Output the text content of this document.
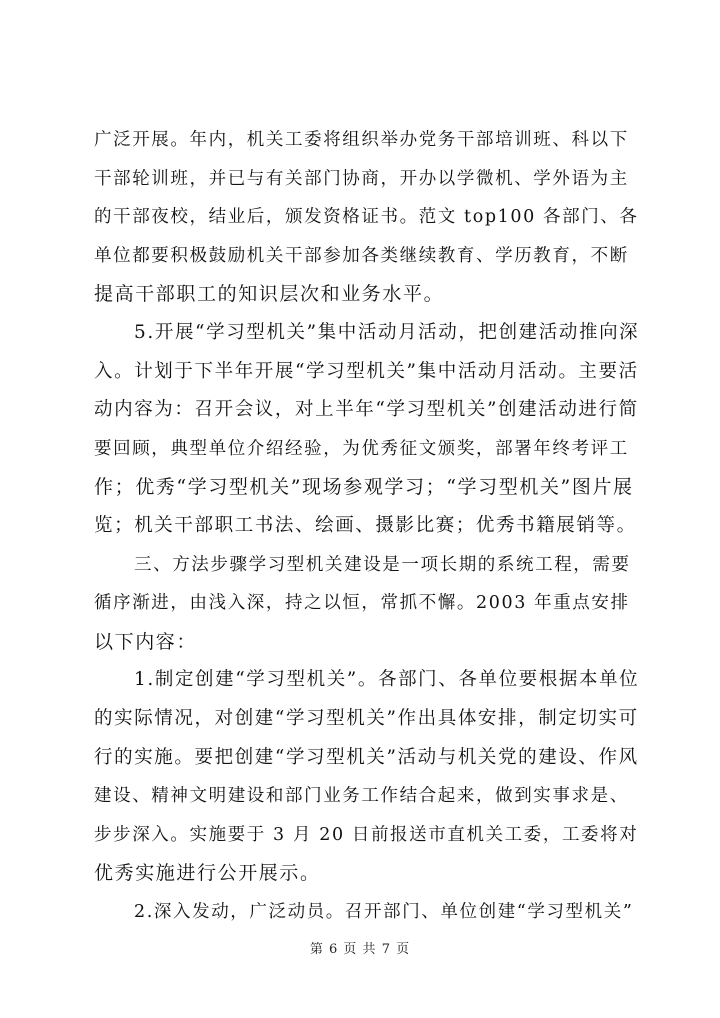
广泛开展。年内，机关工委将组织举办党务干部培训班、科以下
干部轮训班，并已与有关部门协商，开办以学微机、学外语为主
的干部夜校，结业后，颁发资格证书。范文 top100 各部门、各
单位都要积极鼓励机关干部参加各类继续教育、学历教育，不断
提高干部职工的知识层次和业务水平。
5.开展“学习型机关”集中活动月活动，把创建活动推向深
入。计划于下半年开展“学习型机关”集中活动月活动。主要活
动内容为：召开会议，对上半年“学习型机关”创建活动进行简
要回顾，典型单位介绍经验，为优秀征文颁奖，部署年终考评工
作；优秀“学习型机关”现场参观学习；“学习型机关”图片展
览；机关干部职工书法、绘画、摄影比赛；优秀书籍展销等。
三、方法步骤学习型机关建设是一项长期的系统工程，需要
循序渐进，由浅入深，持之以恒，常抓不懈。2003 年重点安排
以下内容：
1.制定创建“学习型机关”。各部门、各单位要根据本单位
的实际情况，对创建“学习型机关”作出具体安排，制定切实可
行的实施。要把创建“学习型机关”活动与机关党的建设、作风
建设、精神文明建设和部门业务工作结合起来，做到实事求是、
步步深入。实施要于 3 月 20 日前报送市直机关工委，工委将对
优秀实施进行公开展示。
2.深入发动，广泛动员。召开部门、单位创建“学习型机关”
第 6 页 共 7 页
